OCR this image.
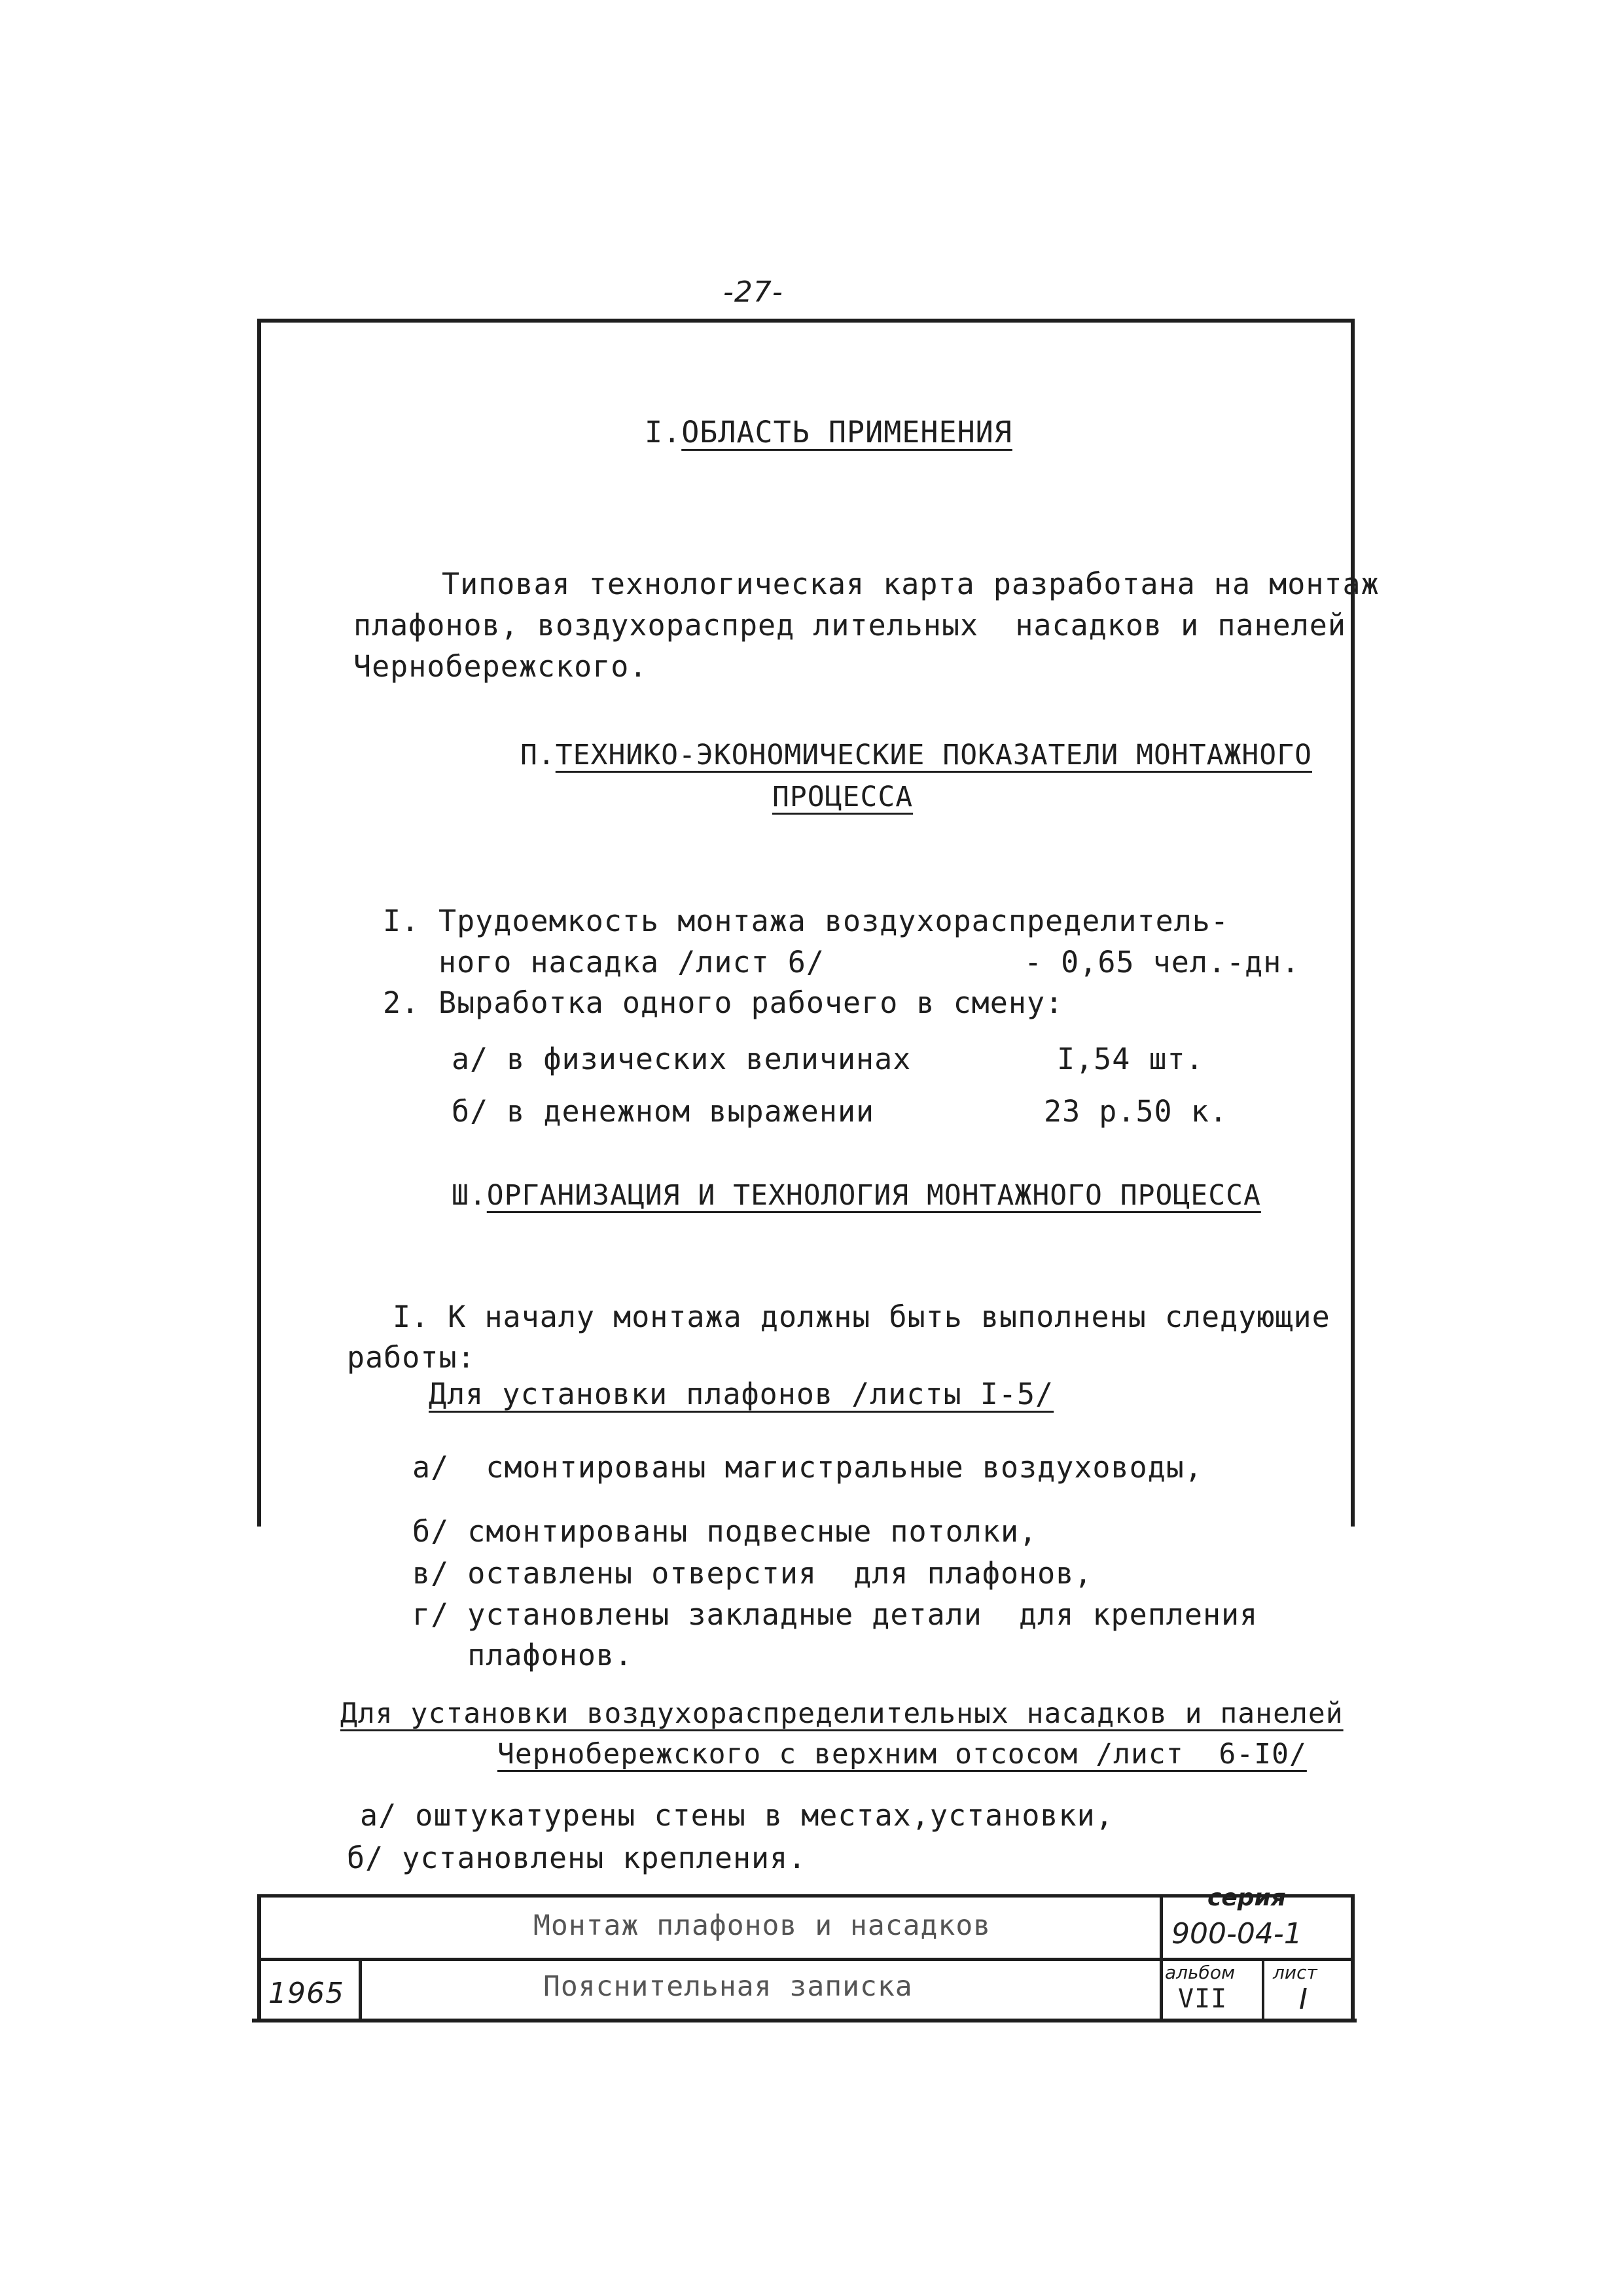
-27-
I.ОБЛАСТЬ ПРИМЕНЕНИЯ
Типовая технологическая карта разработана на монтаж
плафонов, воздухораспред лительных  насадков и панелей
Чернобережского.
П.ТЕХНИКО-ЭКОНОМИЧЕСКИЕ ПОКАЗАТЕЛИ МОНТАЖНОГО
ПРОЦЕССА
I. Трудоемкость монтажа воздухораспределитель-
ного насадка /лист 6/	- 0,65 чел.-дн.
2. Выработка одного рабочего в смену:
а/ в физических величинах	I,54 шт.
б/ в денежном выражении	23 р.50 к.
Ш.ОРГАНИЗАЦИЯ И ТЕХНОЛОГИЯ МОНТАЖНОГО ПРОЦЕССА
I. К началу монтажа должны быть выполнены следующие
работы:
Для установки плафонов /листы I-5/
а/  смонтированы магистральные воздуховоды,
б/ смонтированы подвесные потолки,
в/ оставлены отверстия  для плафонов,
г/ установлены закладные детали  для крепления
плафонов.
Для установки воздухораспределительных насадков и панелей
Чернобережского с верхним отсосом /лист  6-I0/
а/ оштукатурены стены в местах,установки,
б/ установлены крепления.
Монтаж плафонов и насадков
Пояснительная записка
1965
серия
900-04-1
альбом
VII
лист
I
